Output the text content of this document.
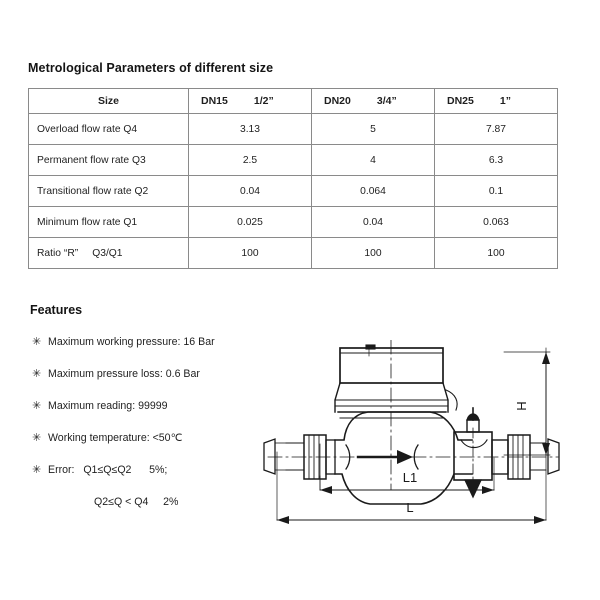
Metrological Parameters of different size
Size	DN15 1/2”	DN20 3/4”	DN25 1”
Overload flow rate Q4	3.13	5	7.87
Permanent flow rate Q3	2.5	4	6.3
Transitional flow rate Q2	0.04	0.064	0.1
Minimum flow rate Q1	0.025	0.04	0.063
Ratio “R” Q3/Q1	100	100	100
Features
✳ Maximum working pressure: 16 Bar
✳ Maximum pressure loss: 0.6 Bar
✳ Maximum reading: 99999
✳ Working temperature: <50℃
✳ Error:   Q1≤Q≤Q2      5%;
Q2≤Q < Q4     2%
L1
L
H
